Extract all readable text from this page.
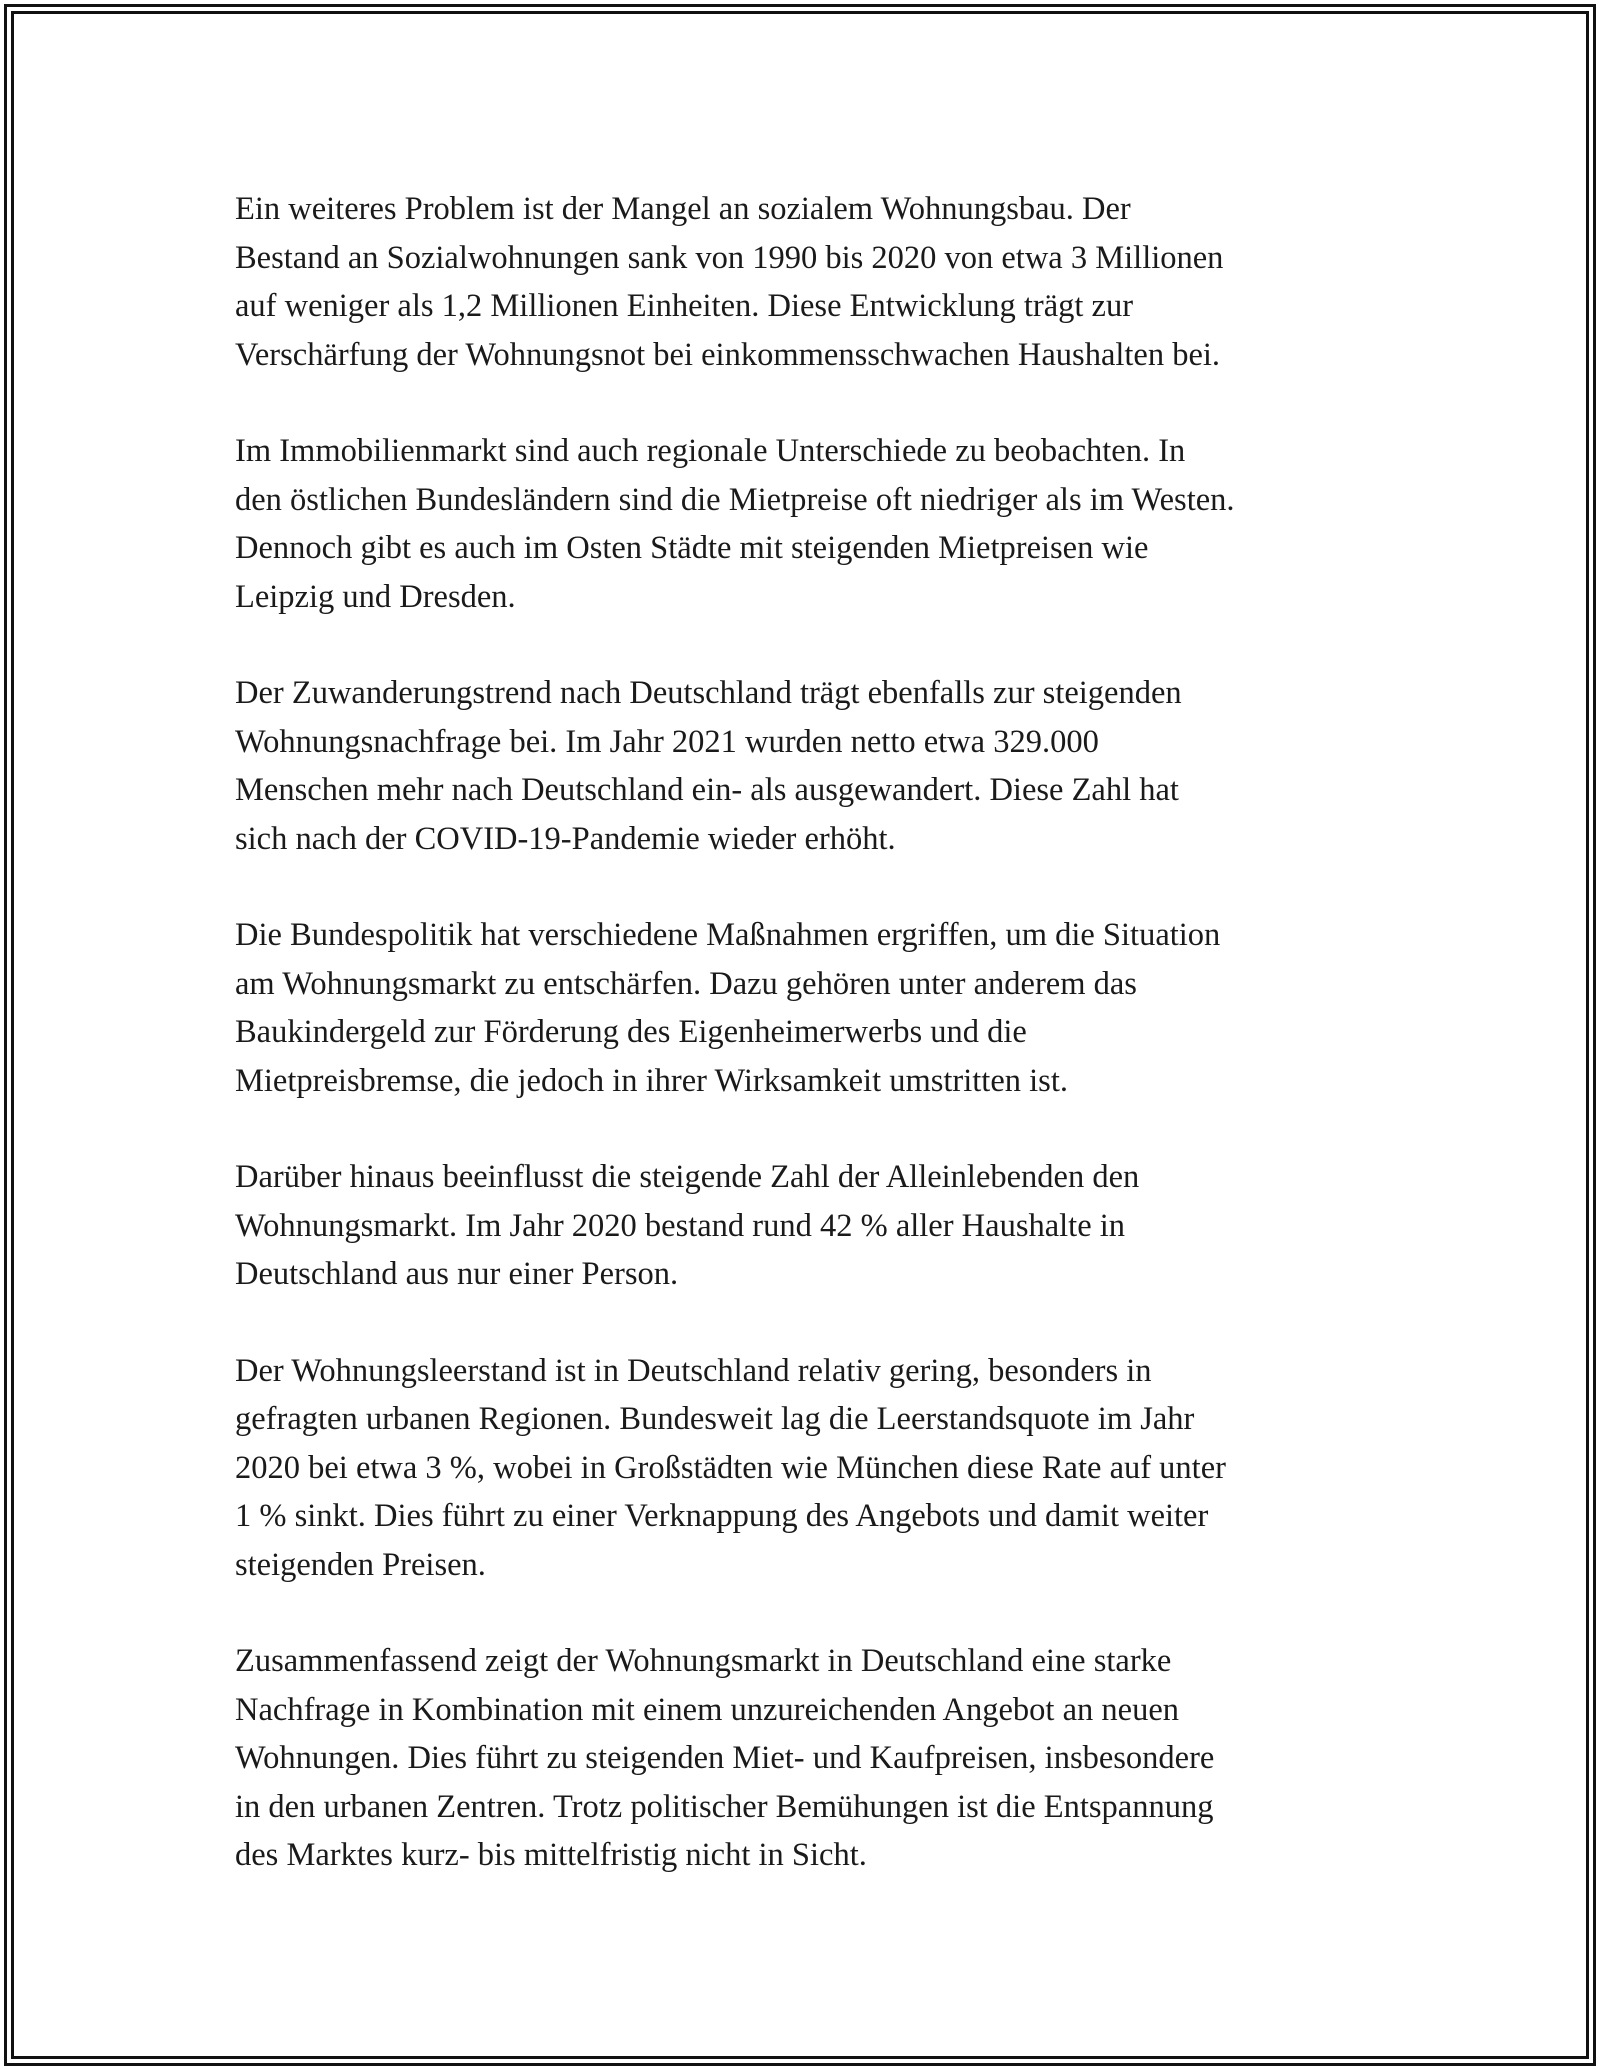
Ein weiteres Problem ist der Mangel an sozialem Wohnungsbau. Der
Bestand an Sozialwohnungen sank von 1990 bis 2020 von etwa 3 Millionen
auf weniger als 1,2 Millionen Einheiten. Diese Entwicklung trägt zur
Verschärfung der Wohnungsnot bei einkommensschwachen Haushalten bei.

Im Immobilienmarkt sind auch regionale Unterschiede zu beobachten. In
den östlichen Bundesländern sind die Mietpreise oft niedriger als im Westen.
Dennoch gibt es auch im Osten Städte mit steigenden Mietpreisen wie
Leipzig und Dresden.

Der Zuwanderungstrend nach Deutschland trägt ebenfalls zur steigenden
Wohnungsnachfrage bei. Im Jahr 2021 wurden netto etwa 329.000
Menschen mehr nach Deutschland ein- als ausgewandert. Diese Zahl hat
sich nach der COVID-19-Pandemie wieder erhöht.

Die Bundespolitik hat verschiedene Maßnahmen ergriffen, um die Situation
am Wohnungsmarkt zu entschärfen. Dazu gehören unter anderem das
Baukindergeld zur Förderung des Eigenheimerwerbs und die
Mietpreisbremse, die jedoch in ihrer Wirksamkeit umstritten ist.

Darüber hinaus beeinflusst die steigende Zahl der Alleinlebenden den
Wohnungsmarkt. Im Jahr 2020 bestand rund 42 % aller Haushalte in
Deutschland aus nur einer Person.

Der Wohnungsleerstand ist in Deutschland relativ gering, besonders in
gefragten urbanen Regionen. Bundesweit lag die Leerstandsquote im Jahr
2020 bei etwa 3 %, wobei in Großstädten wie München diese Rate auf unter
1 % sinkt. Dies führt zu einer Verknappung des Angebots und damit weiter
steigenden Preisen.

Zusammenfassend zeigt der Wohnungsmarkt in Deutschland eine starke
Nachfrage in Kombination mit einem unzureichenden Angebot an neuen
Wohnungen. Dies führt zu steigenden Miet- und Kaufpreisen, insbesondere
in den urbanen Zentren. Trotz politischer Bemühungen ist die Entspannung
des Marktes kurz- bis mittelfristig nicht in Sicht.
